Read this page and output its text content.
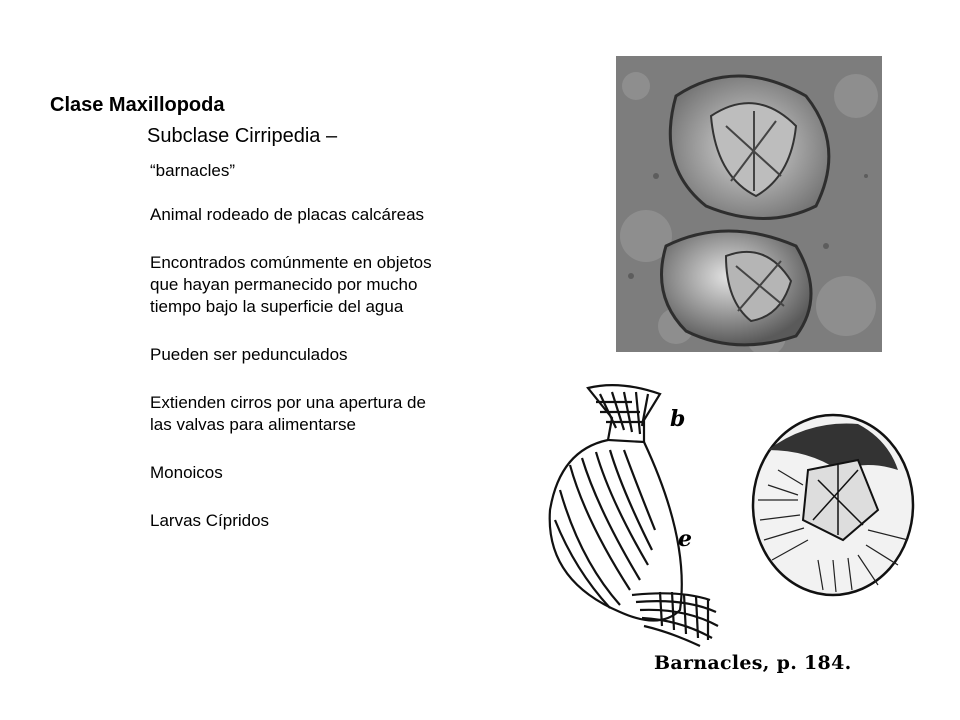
Clase Maxillopoda
Subclase Cirripedia –
“barnacles”
Animal rodeado de placas calcáreas
Encontrados comúnmente en objetos
que hayan permanecido por mucho
tiempo bajo la superficie del agua
Pueden ser pedunculados
Extienden cirros por una apertura de
las valvas para alimentarse
Monoicos
Larvas Cípridos
b
e
Barnacles, p. 184.
